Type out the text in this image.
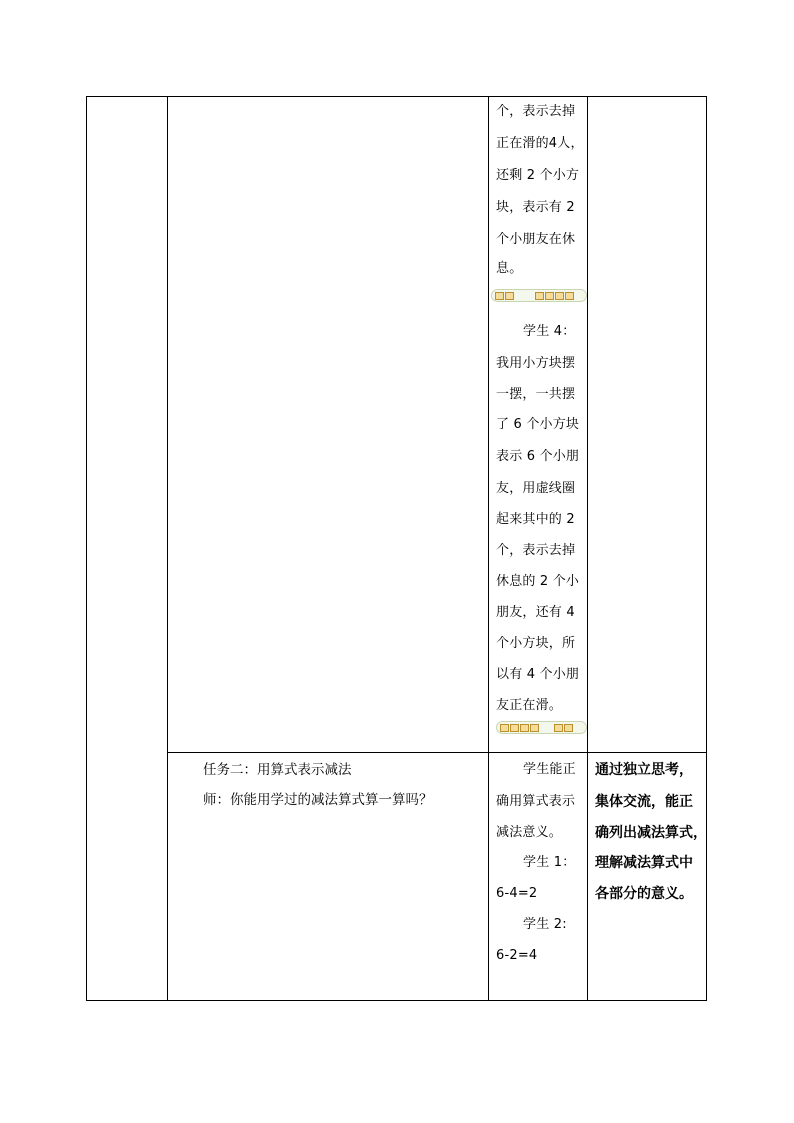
个，表示去掉
正在滑的4人，
还剩 2 个小方
块，表示有 2
个小朋友在休
息。
学生 4：
我用小方块摆
一摆，一共摆
了 6 个小方块
表示 6 个小朋
友，用虚线圈
起来其中的 2
个，表示去掉
休息的 2 个小
朋友，还有 4
个小方块，所
以有 4 个小朋
友正在滑。
任务二：用算式表示减法
师：你能用学过的减法算式算一算吗？
学生能正
确用算式表示
减法意义。
学生 1：
6-4=2
学生 2:
6-2=4
通过独立思考，
集体交流，能正
确列出减法算式，
理解减法算式中
各部分的意义。
